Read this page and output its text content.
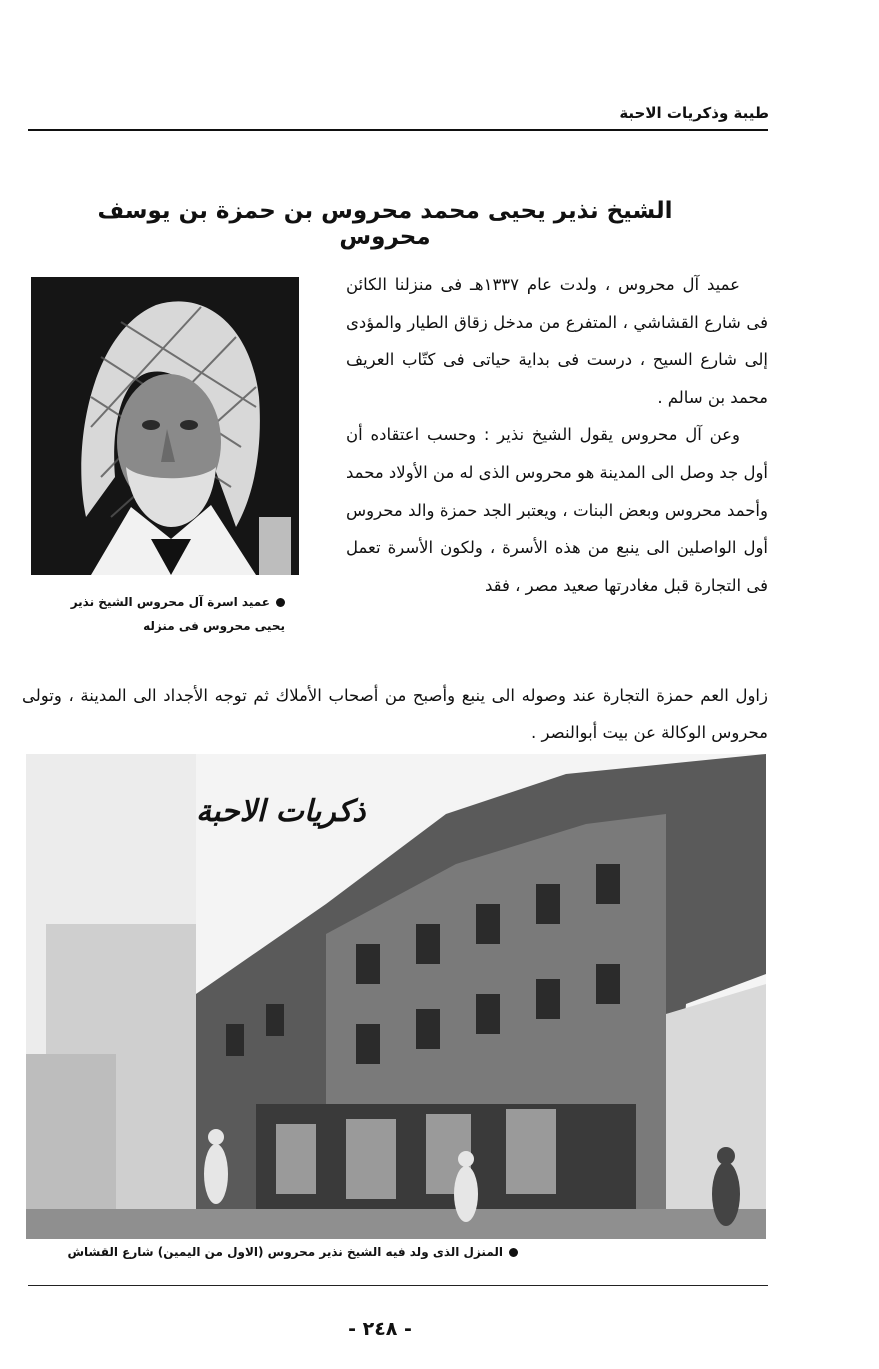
طيبة وذكريات الاحبة
الشيخ نذير يحيى محمد محروس بن حمزة بن يوسف محروس
عميد اسرة آل محروس الشيخ نذير
يحيى محروس فى منزله

عميد آل محروس ، ولدت عام ١٣٣٧هـ فى منزلنا الكائن فى شارع القشاشي ، المتفرع من مدخل زقاق الطيار والمؤدى إلى شارع السيح ، درست فى بداية حياتى فى كتّاب العريف محمد بن سالم .

وعن آل محروس يقول الشيخ نذير : وحسب اعتقاده أن أول جد وصل الى المدينة هو محروس الذى له من الأولاد محمد وأحمد محروس وبعض البنات ، ويعتبر الجد حمزة والد محروس أول الواصلين الى ينبع من هذه الأسرة ، ولكون الأسرة تعمل فى التجارة قبل مغادرتها صعيد مصر ، فقد

زاول العم حمزة التجارة عند وصوله الى ينبع وأصبح من أصحاب الأملاك ثم توجه الأجداد الى المدينة ، وتولى محروس الوكالة عن بيت أبوالنصر .
ذكريات الاحبة
المنزل الذى ولد فيه الشيخ نذير محروس (الاول من اليمين) شارع القشاش
- ٢٤٨ -
